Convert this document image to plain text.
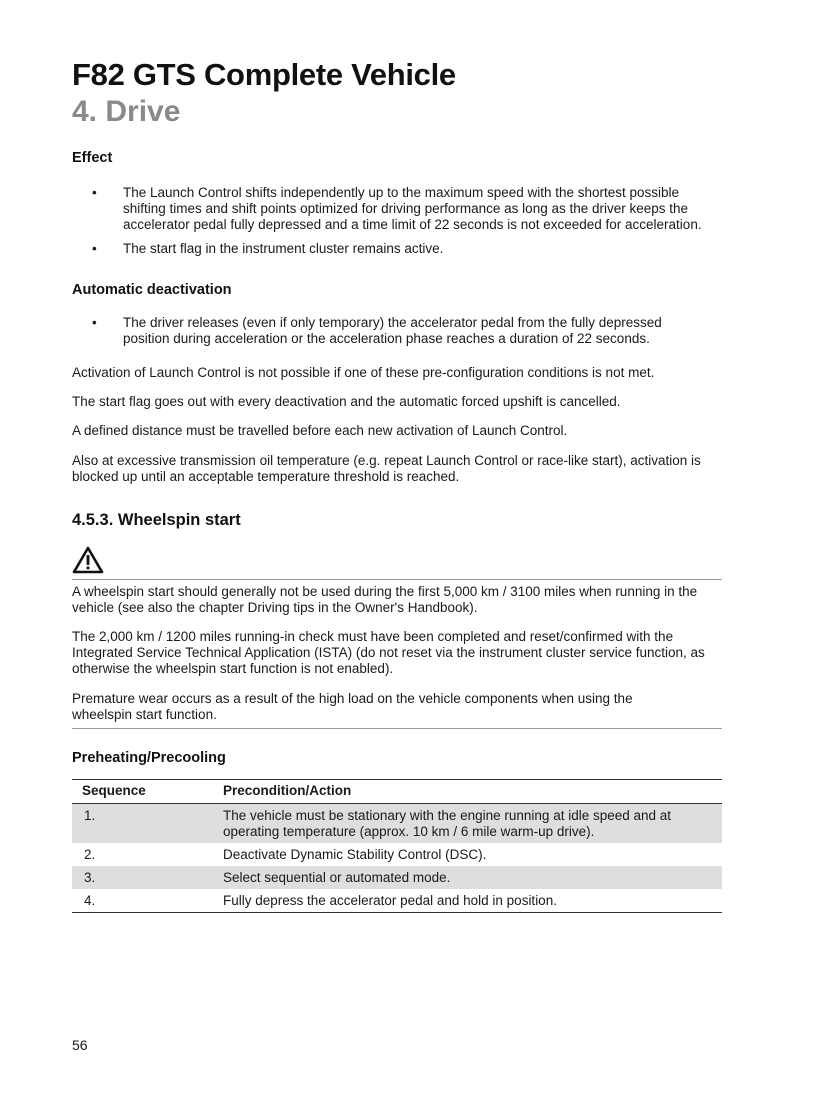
F82 GTS Complete Vehicle
4. Drive
Effect
• The Launch Control shifts independently up to the maximum speed with the shortest possible shifting times and shift points optimized for driving performance as long as the driver keeps the accelerator pedal fully depressed and a time limit of 22 seconds is not exceeded for acceleration.
• The start flag in the instrument cluster remains active.
Automatic deactivation
• The driver releases (even if only temporary) the accelerator pedal from the fully depressed position during acceleration or the acceleration phase reaches a duration of 22 seconds.

Activation of Launch Control is not possible if one of these pre-configuration conditions is not met.

The start flag goes out with every deactivation and the automatic forced upshift is cancelled.

A defined distance must be travelled before each new activation of Launch Control.

Also at excessive transmission oil temperature (e.g. repeat Launch Control or race-like start), activation is blocked up until an acceptable temperature threshold is reached.

4.5.3. Wheelspin start

A wheelspin start should generally not be used during the first 5,000 km / 3100 miles when running in the vehicle (see also the chapter Driving tips in the Owner's Handbook).

The 2,000 km / 1200 miles running-in check must have been completed and reset/confirmed with the Integrated Service Technical Application (ISTA) (do not reset via the instrument cluster service function, as otherwise the wheelspin start function is not enabled).

Premature wear occurs as a result of the high load on the vehicle components when using the wheelspin start function.

Preheating/Precooling
Sequence	Precondition/Action
1.	The vehicle must be stationary with the engine running at idle speed and at operating temperature (approx. 10 km / 6 mile warm-up drive).

2.	Deactivate Dynamic Stability Control (DSC).
3.	Select sequential or automated mode.
4.	Fully depress the accelerator pedal and hold in position.
56
